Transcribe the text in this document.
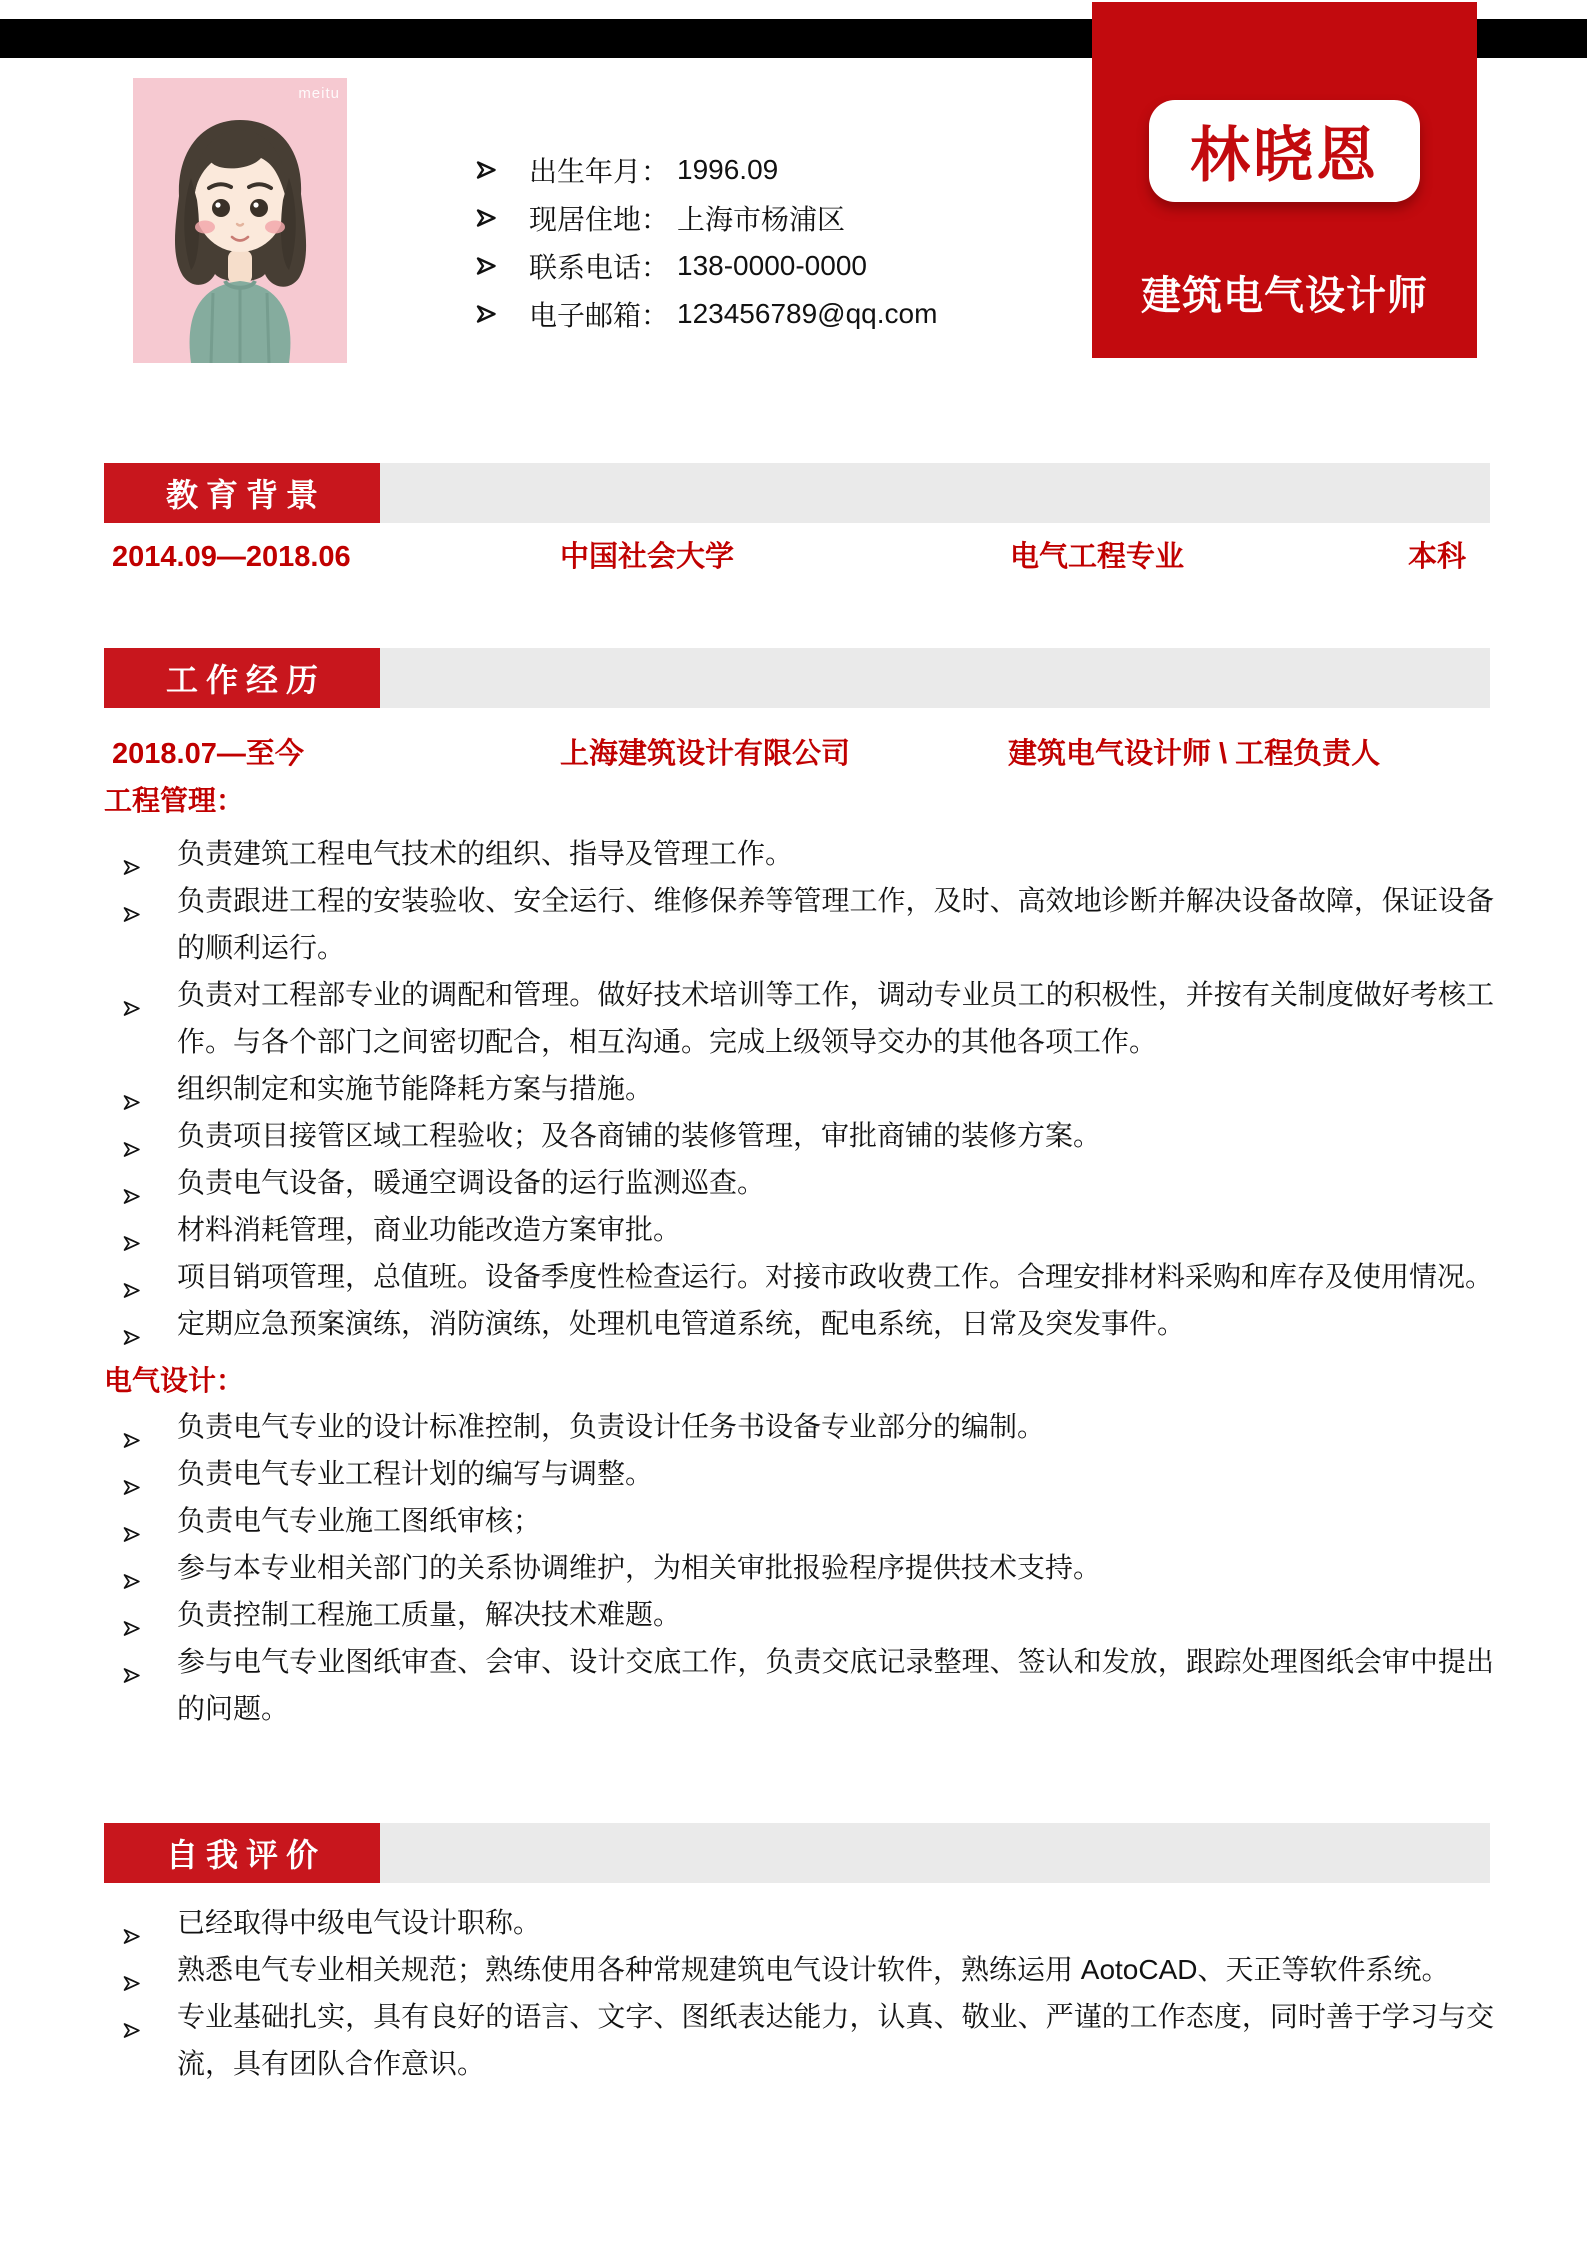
meitu
林晓恩
建筑电气设计师
出生年月： 1996.09
现居住地： 上海市杨浦区
联系电话： 138-0000-0000
电子邮箱： 123456789@qq.com
教育背景
2014.09—2018.06	中国社会大学	电气工程专业	本科
工作经历
2018.07—至今	上海建筑设计有限公司	建筑电气设计师 \ 工程负责人
工程管理：
负责建筑工程电气技术的组织、指导及管理工作。
负责跟进工程的安装验收、安全运行、维修保养等管理工作，及时、高效地诊断并解决设备故障，保证设备的顺利运行。
负责对工程部专业的调配和管理。做好技术培训等工作，调动专业员工的积极性，并按有关制度做好考核工作。与各个部门之间密切配合，相互沟通。完成上级领导交办的其他各项工作。
组织制定和实施节能降耗方案与措施。
负责项目接管区域工程验收；及各商铺的装修管理，审批商铺的装修方案。
负责电气设备，暖通空调设备的运行监测巡查。
材料消耗管理，商业功能改造方案审批。
项目销项管理，总值班。设备季度性检查运行。对接市政收费工作。合理安排材料采购和库存及使用情况。
定期应急预案演练，消防演练，处理机电管道系统，配电系统，日常及突发事件。
电气设计：
负责电气专业的设计标准控制，负责设计任务书设备专业部分的编制。
负责电气专业工程计划的编写与调整。
负责电气专业施工图纸审核；
参与本专业相关部门的关系协调维护，为相关审批报验程序提供技术支持。
负责控制工程施工质量，解决技术难题。
参与电气专业图纸审查、会审、设计交底工作，负责交底记录整理、签认和发放，跟踪处理图纸会审中提出的问题。
自我评价
已经取得中级电气设计职称。
熟悉电气专业相关规范；熟练使用各种常规建筑电气设计软件，熟练运用 AotoCAD、天正等软件系统。
专业基础扎实，具有良好的语言、文字、图纸表达能力，认真、敬业、严谨的工作态度，同时善于学习与交流，具有团队合作意识。
